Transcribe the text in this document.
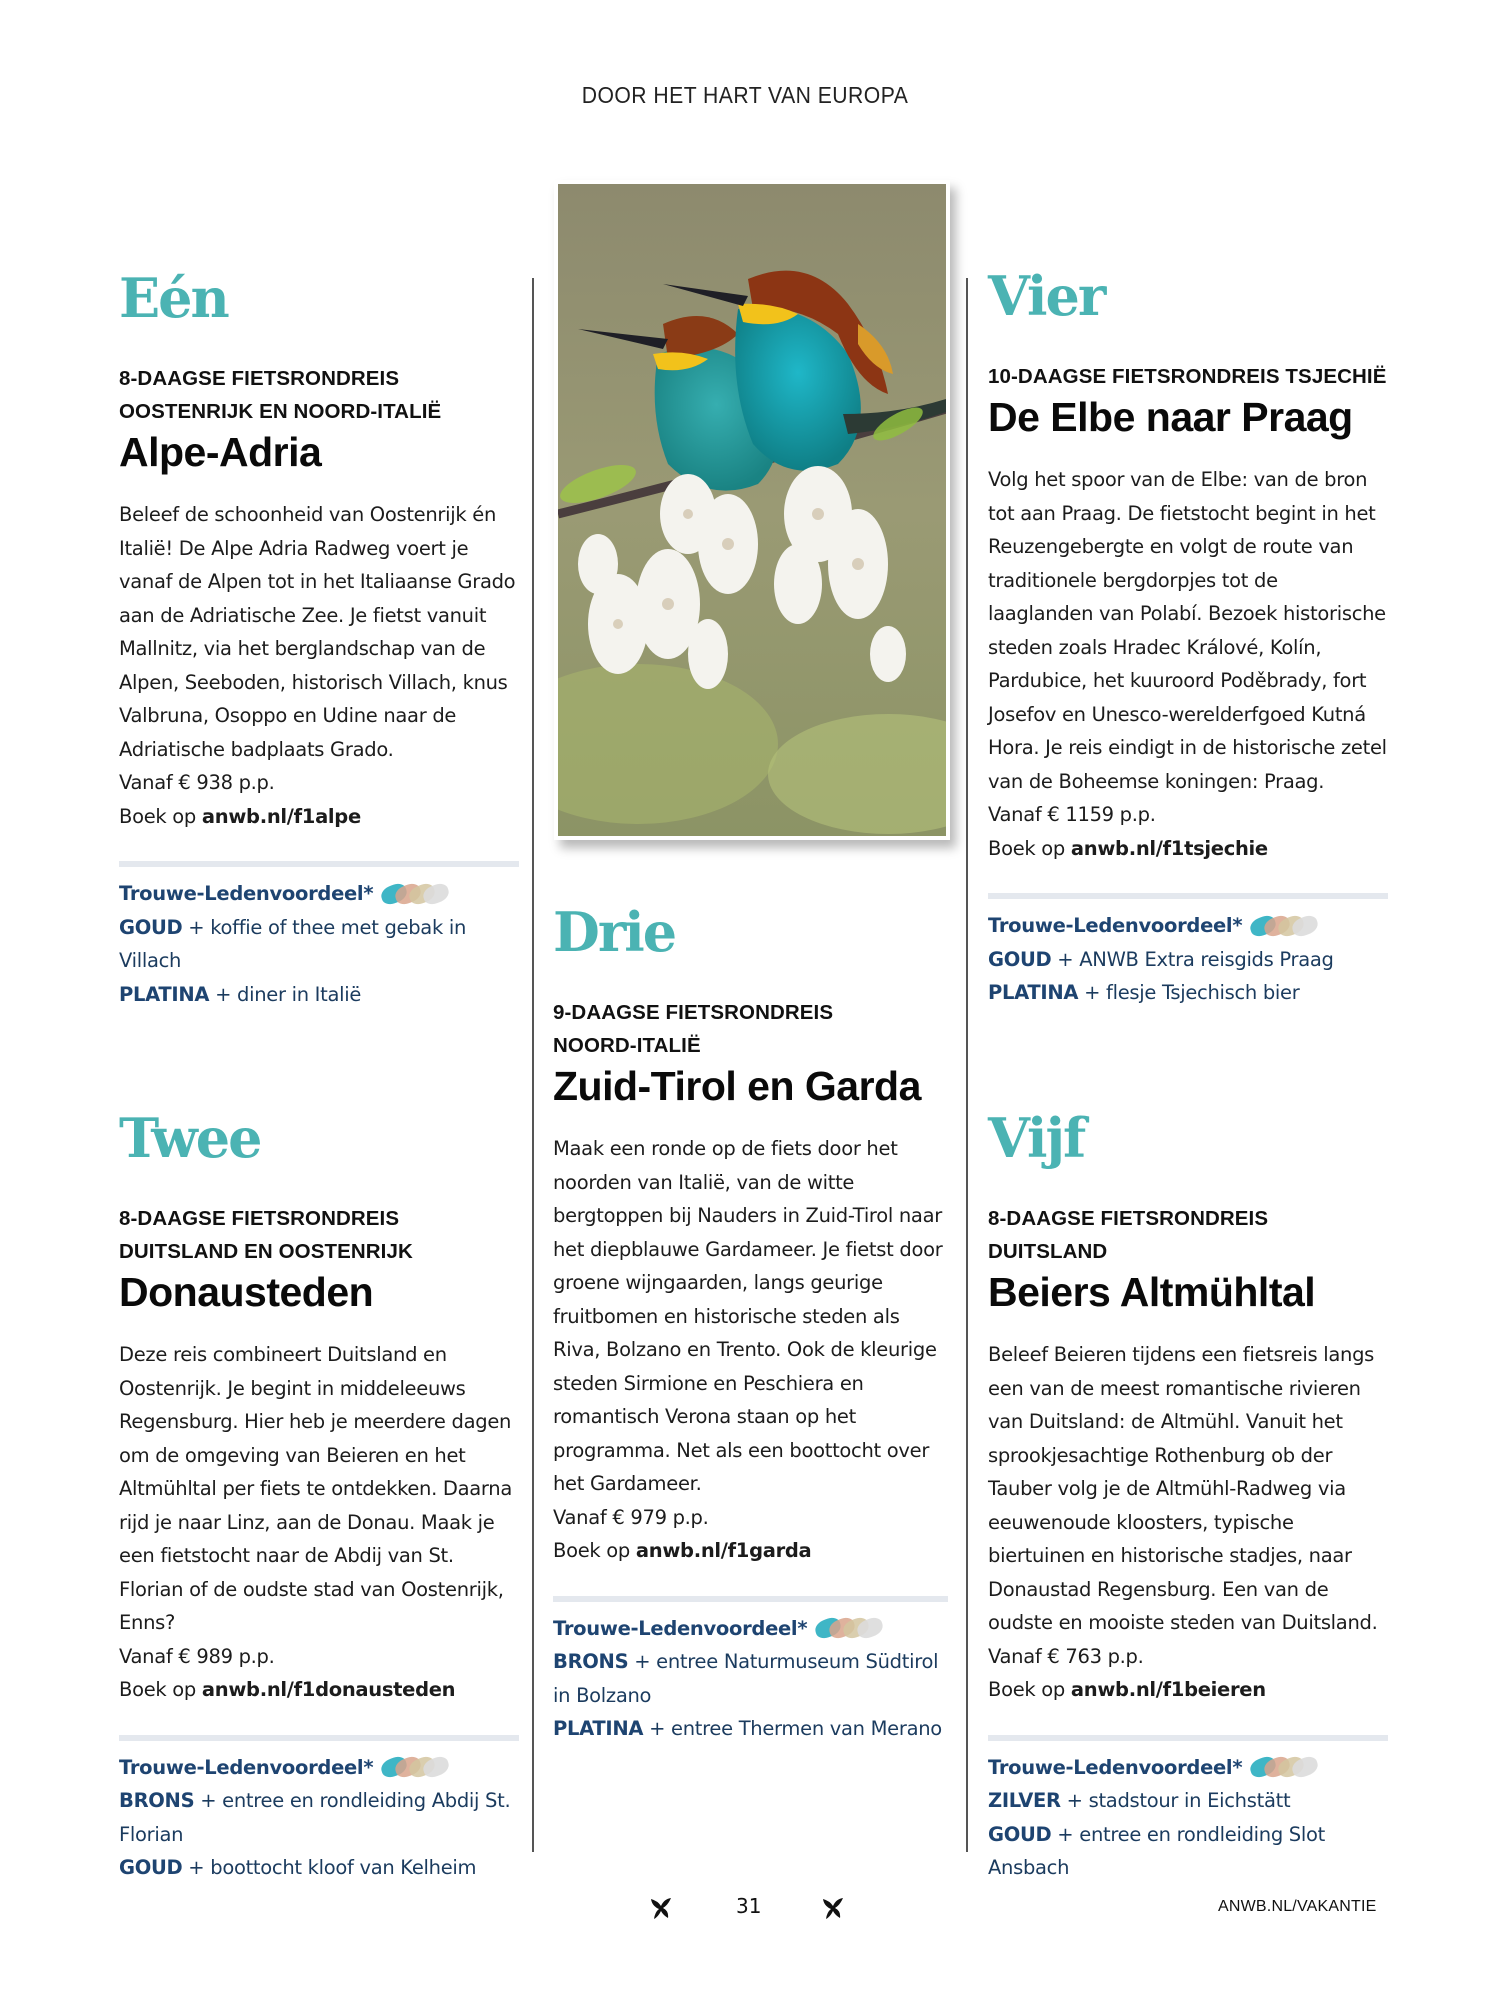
DOOR HET HART VAN EUROPA
Eén
8-DAAGSE FIETSRONDREIS
OOSTENRIJK EN NOORD-ITALIË
Alpe-Adria

Beleef de schoonheid van Oostenrijk én Italië! De Alpe Adria Radweg voert je vanaf de Alpen tot in het Italiaanse Grado aan de Adriatische Zee. Je fietst vanuit Mallnitz, via het berglandschap van de Alpen, Seeboden, historisch Villach, knus Valbruna, Osoppo en Udine naar de Adriatische badplaats Grado.

Vanaf € 938 p.p.

Boek op anwb.nl/f1alpe

Trouwe-Ledenvoordeel*
GOUD + koffie of thee met gebak in Villach
PLATINA + diner in Italië
Twee
8-DAAGSE FIETSRONDREIS
DUITSLAND EN OOSTENRIJK
Donausteden

Deze reis combineert Duitsland en Oostenrijk. Je begint in middeleeuws Regensburg. Hier heb je meerdere dagen om de omgeving van Beieren en het Altmühltal per fiets te ontdekken. Daarna rijd je naar Linz, aan de Donau. Maak je een fietstocht naar de Abdij van St. Florian of de oudste stad van Oostenrijk, Enns?

Vanaf € 989 p.p.

Boek op anwb.nl/f1donausteden

Trouwe-Ledenvoordeel*
BRONS + entree en rondleiding Abdij St. Florian
GOUD + boottocht kloof van Kelheim
Drie
9-DAAGSE FIETSRONDREIS
NOORD-ITALIË
Zuid-Tirol en Garda

Maak een ronde op de fiets door het noorden van Italië, van de witte bergtoppen bij Nauders in Zuid-Tirol naar het diepblauwe Gardameer. Je fietst door groene wijngaarden, langs geurige fruitbomen en historische steden als Riva, Bolzano en Trento. Ook de kleurige steden Sirmione en Peschiera en romantisch Verona staan op het programma. Net als een boottocht over het Gardameer.

Vanaf € 979 p.p.

Boek op anwb.nl/f1garda

Trouwe-Ledenvoordeel*
BRONS + entree Naturmuseum Südtirol in Bolzano
PLATINA + entree Thermen van Merano
Vier
10-DAAGSE FIETSRONDREIS TSJECHIË
De Elbe naar Praag

Volg het spoor van de Elbe: van de bron tot aan Praag. De fietstocht begint in het Reuzengebergte en volgt de route van traditionele bergdorpjes tot de laaglanden van Polabí. Bezoek historische steden zoals Hradec Králové, Kolín, Pardubice, het kuuroord Poděbrady, fort Josefov en Unesco-werelderfgoed Kutná Hora. Je reis eindigt in de historische zetel van de Boheemse koningen: Praag.

Vanaf € 1159 p.p.

Boek op anwb.nl/f1tsjechie

Trouwe-Ledenvoordeel*
GOUD + ANWB Extra reisgids Praag
PLATINA + flesje Tsjechisch bier
Vijf
8-DAAGSE FIETSRONDREIS DUITSLAND
Beiers Altmühltal

Beleef Beieren tijdens een fietsreis langs een van de meest romantische rivieren van Duitsland: de Altmühl. Vanuit het sprookjesachtige Rothenburg ob der Tauber volg je de Altmühl-Radweg via eeuwenoude kloosters, typische biertuinen en historische stadjes, naar Donaustad Regensburg. Een van de oudste en mooiste steden van Duitsland.

Vanaf € 763 p.p.

Boek op anwb.nl/f1beieren

Trouwe-Ledenvoordeel*
ZILVER + stadstour in Eichstätt
GOUD + entree en rondleiding Slot Ansbach
31	ANWB.NL/VAKANTIE
